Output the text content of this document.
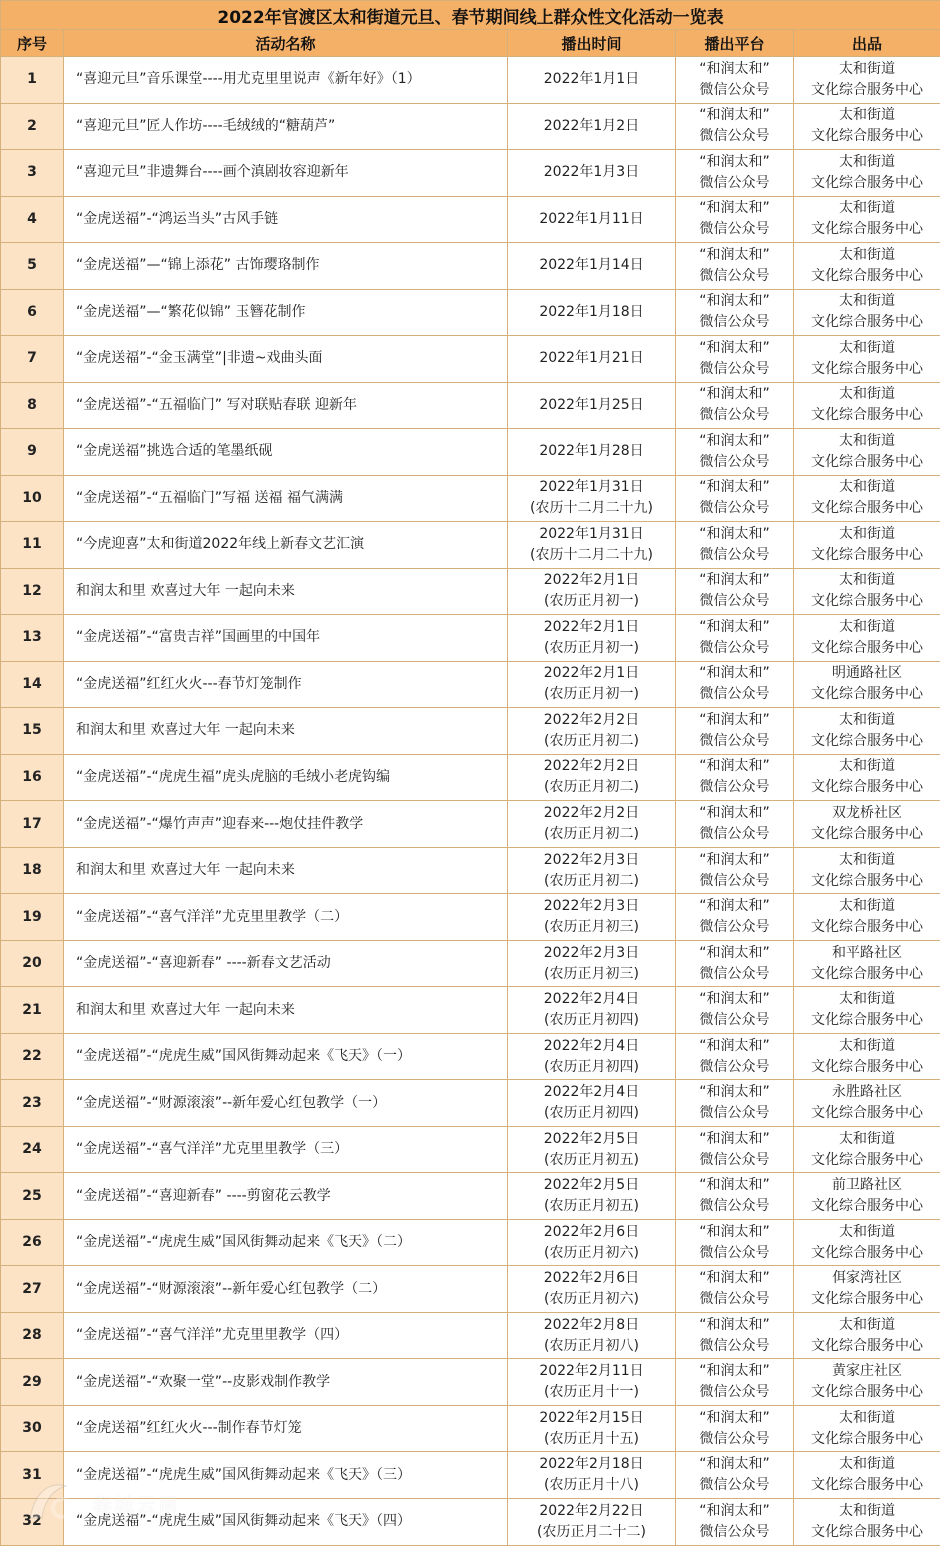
2022年官渡区太和街道元旦、春节期间线上群众性文化活动一览表				
序号	活动名称	播出时间	播出平台	出品
1	“喜迎元旦”音乐课堂----用尤克里里说声《新年好》（1）	2022年1月1日	“和润太和”
微信公众号	太和街道
文化综合服务中心

2	“喜迎元旦”匠人作坊----毛绒绒的“糖葫芦”	2022年1月2日	“和润太和”
微信公众号	太和街道
文化综合服务中心

3	“喜迎元旦”非遗舞台----画个滇剧妆容迎新年	2022年1月3日	“和润太和”
微信公众号	太和街道
文化综合服务中心

4	“金虎送福”-“鸿运当头”古风手链	2022年1月11日	“和润太和”
微信公众号	太和街道
文化综合服务中心

5	“金虎送福”—“锦上添花” 古饰璎珞制作	2022年1月14日	“和润太和”
微信公众号	太和街道
文化综合服务中心

6	“金虎送福”—“繁花似锦” 玉簪花制作	2022年1月18日	“和润太和”
微信公众号	太和街道
文化综合服务中心

7	“金虎送福”-“金玉满堂”|非遗~戏曲头面	2022年1月21日	“和润太和”
微信公众号	太和街道
文化综合服务中心

8	“金虎送福”-“五福临门” 写对联贴春联 迎新年	2022年1月25日	“和润太和”
微信公众号	太和街道
文化综合服务中心

9	“金虎送福”挑选合适的笔墨纸砚	2022年1月28日	“和润太和”
微信公众号	太和街道
文化综合服务中心

10	“金虎送福”-“五福临门”写福 送福 福气满满	2022年1月31日
(农历十二月二十九)	“和润太和”
微信公众号	太和街道
文化综合服务中心

11	“今虎迎喜”太和街道2022年线上新春文艺汇演	2022年1月31日
(农历十二月二十九)	“和润太和”
微信公众号	太和街道
文化综合服务中心

12	和润太和里 欢喜过大年 一起向未来	2022年2月1日
(农历正月初一)	“和润太和”
微信公众号	太和街道
文化综合服务中心

13	“金虎送福”-“富贵吉祥”国画里的中国年	2022年2月1日
(农历正月初一)	“和润太和”
微信公众号	太和街道
文化综合服务中心

14	“金虎送福”红红火火---春节灯笼制作	2022年2月1日
(农历正月初一)	“和润太和”
微信公众号	明通路社区
文化综合服务中心

15	和润太和里 欢喜过大年 一起向未来	2022年2月2日
(农历正月初二)	“和润太和”
微信公众号	太和街道
文化综合服务中心

16	“金虎送福”-“虎虎生福”虎头虎脑的毛绒小老虎钩编	2022年2月2日
(农历正月初二)	“和润太和”
微信公众号	太和街道
文化综合服务中心

17	“金虎送福”-“爆竹声声”迎春来---炮仗挂件教学	2022年2月2日
(农历正月初二)	“和润太和”
微信公众号	双龙桥社区
文化综合服务中心

18	和润太和里 欢喜过大年 一起向未来	2022年2月3日
(农历正月初二)	“和润太和”
微信公众号	太和街道
文化综合服务中心

19	“金虎送福”-“喜气洋洋”尤克里里教学（二）	2022年2月3日
(农历正月初三)	“和润太和”
微信公众号	太和街道
文化综合服务中心

20	“金虎送福”-“喜迎新春” ----新春文艺活动	2022年2月3日
(农历正月初三)	“和润太和”
微信公众号	和平路社区
文化综合服务中心

21	和润太和里 欢喜过大年 一起向未来	2022年2月4日
(农历正月初四)	“和润太和”
微信公众号	太和街道
文化综合服务中心

22	“金虎送福”-“虎虎生威”国风街舞动起来《飞天》（一）	2022年2月4日
(农历正月初四)	“和润太和”
微信公众号	太和街道
文化综合服务中心

23	“金虎送福”-“财源滚滚”--新年爱心红包教学（一）	2022年2月4日
(农历正月初四)	“和润太和”
微信公众号	永胜路社区
文化综合服务中心

24	“金虎送福”-“喜气洋洋”尤克里里教学（三）	2022年2月5日
(农历正月初五)	“和润太和”
微信公众号	太和街道
文化综合服务中心

25	“金虎送福”-“喜迎新春” ----剪窗花云教学	2022年2月5日
(农历正月初五)	“和润太和”
微信公众号	前卫路社区
文化综合服务中心

26	“金虎送福”-“虎虎生威”国风街舞动起来《飞天》（二）	2022年2月6日
(农历正月初六)	“和润太和”
微信公众号	太和街道
文化综合服务中心

27	“金虎送福”-“财源滚滚”--新年爱心红包教学（二）	2022年2月6日
(农历正月初六)	“和润太和”
微信公众号	佴家湾社区
文化综合服务中心

28	“金虎送福”-“喜气洋洋”尤克里里教学（四）	2022年2月8日
(农历正月初八)	“和润太和”
微信公众号	太和街道
文化综合服务中心

29	“金虎送福”-“欢聚一堂”--皮影戏制作教学	2022年2月11日
(农历正月十一)	“和润太和”
微信公众号	黄家庄社区
文化综合服务中心

30	“金虎送福”红红火火---制作春节灯笼	2022年2月15日
(农历正月十五)	“和润太和”
微信公众号	太和街道
文化综合服务中心

31	“金虎送福”-“虎虎生威”国风街舞动起来《飞天》（三）	2022年2月18日
(农历正月十八)	“和润太和”
微信公众号	太和街道
文化综合服务中心

32	“金虎送福”-“虎虎生威”国风街舞动起来《飞天》（四）	2022年2月22日
(农历正月二十二)	“和润太和”
微信公众号	太和街道
文化综合服务中心
春城云南
